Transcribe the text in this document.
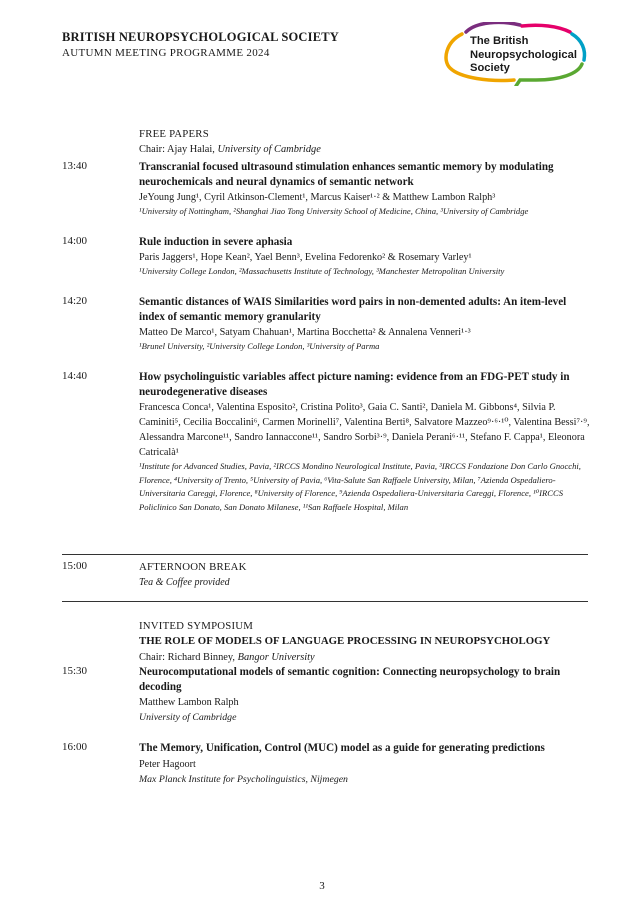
BRITISH NEUROPSYCHOLOGICAL SOCIETY
AUTUMN MEETING PROGRAMME 2024
The British
Neuropsychological
Society
FREE PAPERS
Chair: Ajay Halai, University of Cambridge
13:40	Transcranial focused ultrasound stimulation enhances semantic memory by modulating neurochemicals and neural dynamics of semantic network
JeYoung Jung¹, Cyril Atkinson-Clement¹, Marcus Kaiser¹·² & Matthew Lambon Ralph³
¹University of Nottingham, ²Shanghai Jiao Tong University School of Medicine, China, ³University of Cambridge
14:00	Rule induction in severe aphasia
Paris Jaggers¹, Hope Kean², Yael Benn³, Evelina Fedorenko² & Rosemary Varley¹
¹University College London, ²Massachusetts Institute of Technology, ³Manchester Metropolitan University
14:20	Semantic distances of WAIS Similarities word pairs in non-demented adults: An item-level index of semantic memory granularity
Matteo De Marco¹, Satyam Chahuan¹, Martina Bocchetta² & Annalena Venneri¹·³
¹Brunel University, ²University College London, ³University of Parma
14:40	How psycholinguistic variables affect picture naming: evidence from an FDG-PET study in neurodegenerative diseases
Francesca Conca¹, Valentina Esposito², Cristina Polito³, Gaia C. Santi², Daniela M. Gibbons⁴, Silvia P. Caminiti⁵, Cecilia Boccalini⁶, Carmen Morinelli⁷, Valentina Berti⁸, Salvatore Mazzeo⁹·⁶·¹⁰, Valentina Bessi⁷·⁹, Alessandra Marcone¹¹, Sandro Iannaccone¹¹, Sandro Sorbi³·⁹, Daniela Perani⁶·¹¹, Stefano F. Cappa¹, Eleonora Catricalà¹
¹Institute for Advanced Studies, Pavia, ²IRCCS Mondino Neurological Institute, Pavia, ³IRCCS Fondazione Don Carlo Gnocchi, Florence, ⁴University of Trento, ⁵University of Pavia, ⁶Vita-Salute San Raffaele University, Milan, ⁷Azienda Ospedaliero-Universitaria Careggi, Florence, ⁸University of Florence, ⁹Azienda Ospedaliera-Universitaria Careggi, Florence, ¹⁰IRCCS Policlinico San Donato, San Donato Milanese, ¹¹San Raffaele Hospital, Milan
15:00	AFTERNOON BREAK
Tea & Coffee provided
INVITED SYMPOSIUM
THE ROLE OF MODELS OF LANGUAGE PROCESSING IN NEUROPSYCHOLOGY
Chair: Richard Binney, Bangor University
15:30	Neurocomputational models of semantic cognition: Connecting neuropsychology to brain decoding
Matthew Lambon Ralph
University of Cambridge
16:00	The Memory, Unification, Control (MUC) model as a guide for generating predictions
Peter Hagoort
Max Planck Institute for Psycholinguistics, Nijmegen
3
